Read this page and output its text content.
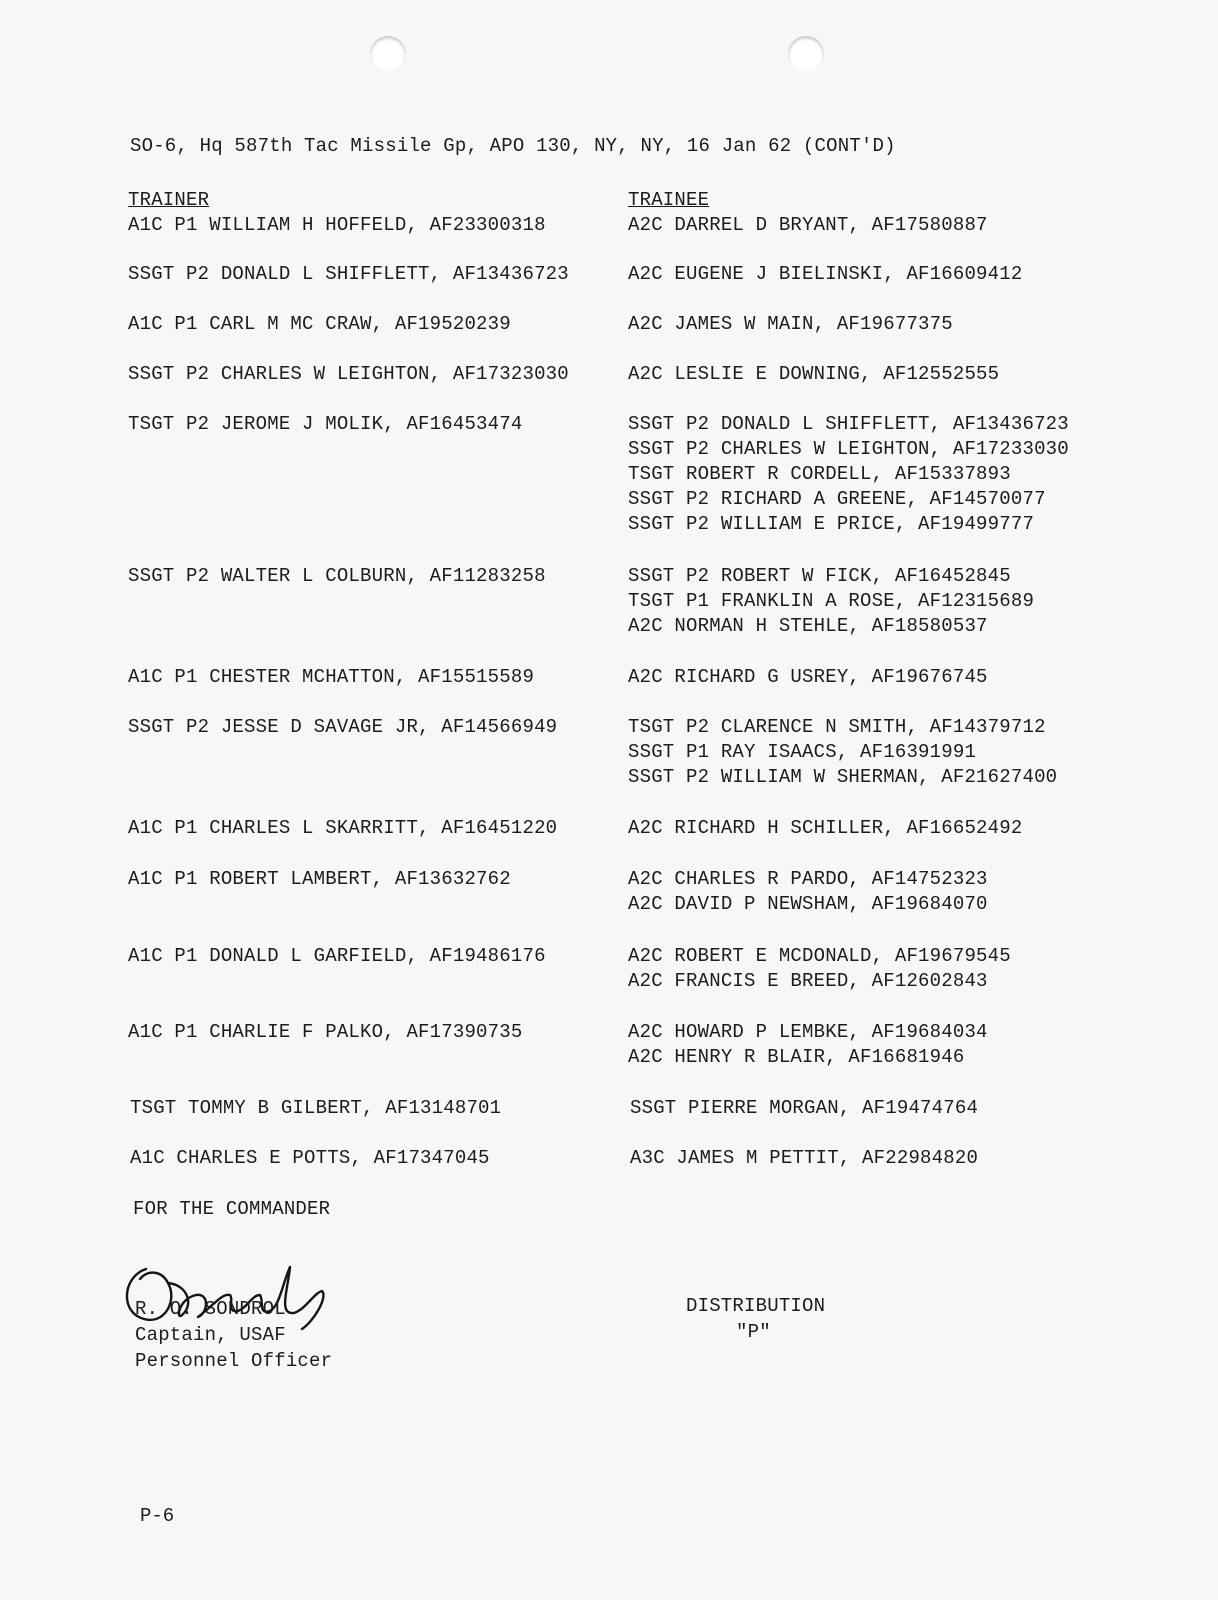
SO-6, Hq 587th Tac Missile Gp, APO 130, NY, NY, 16 Jan 62 (CONT'D)
TRAINER	TRAINEE
A1C P1 WILLIAM H HOFFELD, AF23300318	A2C DARREL D BRYANT, AF17580887
SSGT P2 DONALD L SHIFFLETT, AF13436723	A2C EUGENE J BIELINSKI, AF16609412
A1C P1 CARL M MC CRAW, AF19520239	A2C JAMES W MAIN, AF19677375
SSGT P2 CHARLES W LEIGHTON, AF17323030	A2C LESLIE E DOWNING, AF12552555
TSGT P2 JEROME J MOLIK, AF16453474	SSGT P2 DONALD L SHIFFLETT, AF13436723
SSGT P2 CHARLES W LEIGHTON, AF17233030
TSGT ROBERT R CORDELL, AF15337893
SSGT P2 RICHARD A GREENE, AF14570077
SSGT P2 WILLIAM E PRICE, AF19499777
SSGT P2 WALTER L COLBURN, AF11283258	SSGT P2 ROBERT W FICK, AF16452845
TSGT P1 FRANKLIN A ROSE, AF12315689
A2C NORMAN H STEHLE, AF18580537
A1C P1 CHESTER MCHATTON, AF15515589	A2C RICHARD G USREY, AF19676745
SSGT P2 JESSE D SAVAGE JR, AF14566949	TSGT P2 CLARENCE N SMITH, AF14379712
SSGT P1 RAY ISAACS, AF16391991
SSGT P2 WILLIAM W SHERMAN, AF21627400
A1C P1 CHARLES L SKARRITT, AF16451220	A2C RICHARD H SCHILLER, AF16652492
A1C P1 ROBERT LAMBERT, AF13632762	A2C CHARLES R PARDO, AF14752323
A2C DAVID P NEWSHAM, AF19684070
A1C P1 DONALD L GARFIELD, AF19486176	A2C ROBERT E MCDONALD, AF19679545
A2C FRANCIS E BREED, AF12602843
A1C P1 CHARLIE F PALKO, AF17390735	A2C HOWARD P LEMBKE, AF19684034
A2C HENRY R BLAIR, AF16681946
TSGT TOMMY B GILBERT, AF13148701	SSGT PIERRE MORGAN, AF19474764
A1C CHARLES E POTTS, AF17347045	A3C JAMES M PETTIT, AF22984820
FOR THE COMMANDER
R. O. SONDROL
Captain, USAF
Personnel Officer
DISTRIBUTION
"P"
P-6
